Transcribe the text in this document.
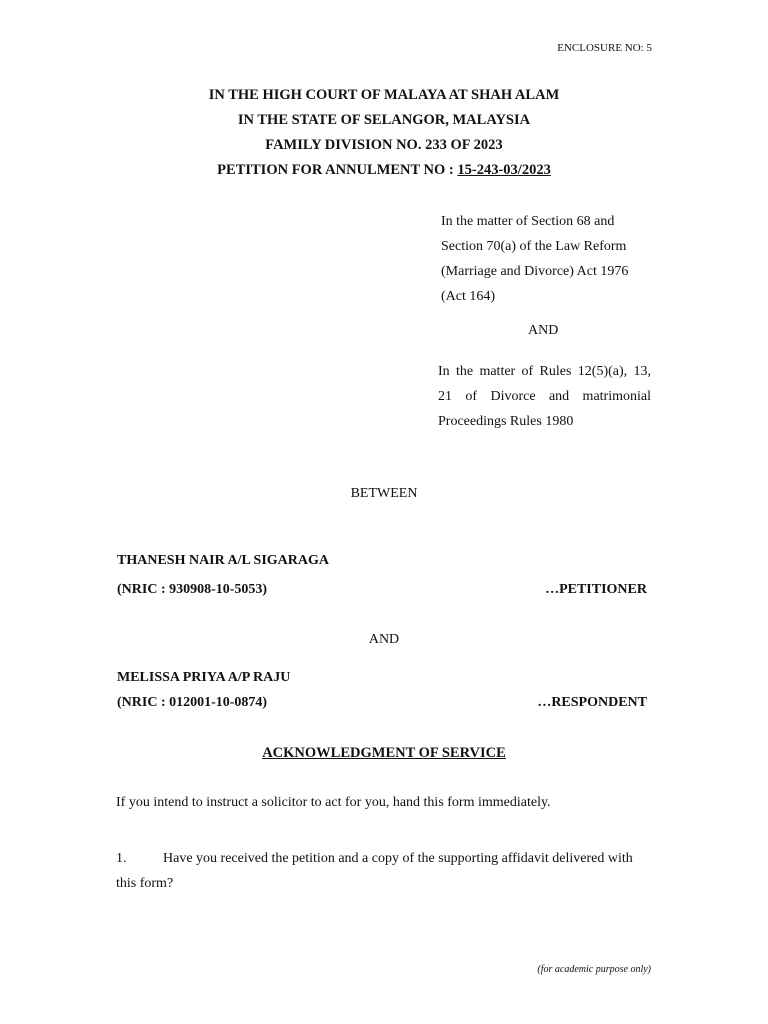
ENCLOSURE NO: 5
IN THE HIGH COURT OF MALAYA AT SHAH ALAM
IN THE STATE OF SELANGOR, MALAYSIA
FAMILY DIVISION NO. 233 OF 2023
PETITION FOR ANNULMENT NO : 15-243-03/2023
In the matter of Section 68 and
Section 70(a) of the Law Reform
(Marriage and Divorce) Act 1976
(Act 164)
AND
In the matter of Rules 12(5)(a), 13, 21 of Divorce and matrimonial Proceedings Rules 1980
BETWEEN
THANESH NAIR A/L SIGARAGA
(NRIC : 930908-10-5053)	…PETITIONER
AND
MELISSA PRIYA A/P RAJU
(NRIC : 012001-10-0874)	…RESPONDENT
ACKNOWLEDGMENT OF SERVICE
If you intend to instruct a solicitor to act for you, hand this form immediately.
1.	Have you received the petition and a copy of the supporting affidavit delivered with this form?
(for academic purpose only)
